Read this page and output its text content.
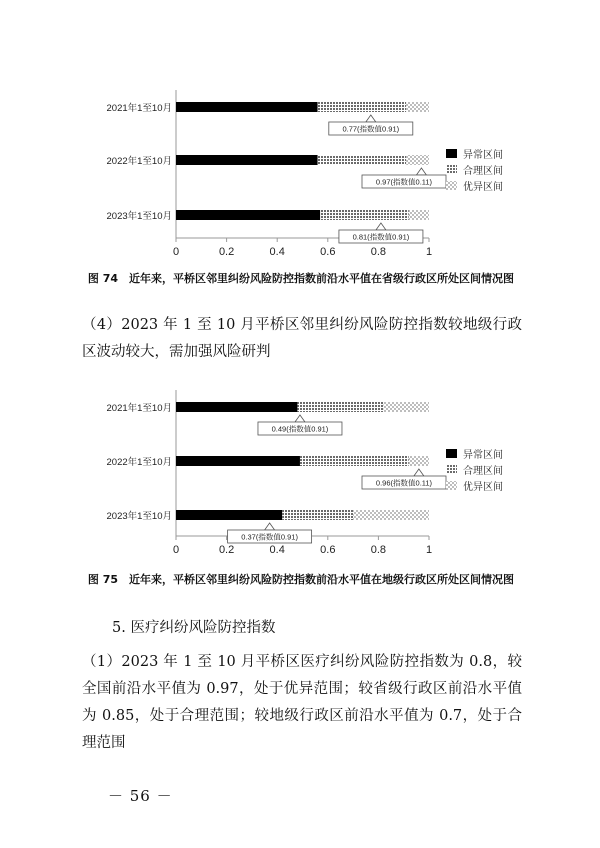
0	0.2	0.4	0.6	0.8	1
2021年1至10月
0.77(指数值0.91)
2022年1至10月
0.97(指数值0.11)
2023年1至10月
0.81(指数值0.91)
异常区间
合理区间
优异区间
图 74　近年来，平桥区邻里纠纷风险防控指数前沿水平值在省级行政区所处区间情况图

（4）2023 年 1 至 10 月平桥区邻里纠纷风险防控指数较地级行政区波动较大，需加强风险研判

0	0.2	0.4	0.6	0.8	1
2021年1至10月
0.49(指数值0.91)
2022年1至10月
0.96(指数值0.11)
2023年1至10月
0.37(指数值0.91)
异常区间
合理区间
优异区间
图 75　近年来，平桥区邻里纠纷风险防控指数前沿水平值在地级行政区所处区间情况图
5. 医疗纠纷风险防控指数

（1）2023 年 1 至 10 月平桥区医疗纠纷风险防控指数为 0.8，较全国前沿水平值为 0.97，处于优异范围；较省级行政区前沿水平值为 0.85，处于合理范围；较地级行政区前沿水平值为 0.7，处于合理范围

－ 56 －
